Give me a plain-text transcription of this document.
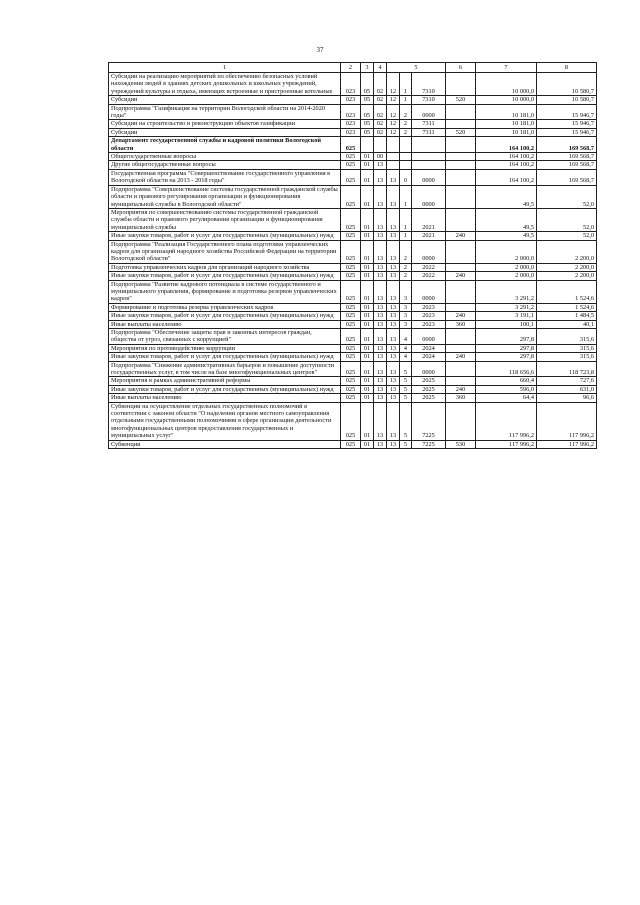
37
1	2	3	4	5			6	7	8
Субсидии на реализацию мероприятий по обеспечению безопасных условий нахождения людей в зданиях детских дошкольных и школьных учреждений, учреждений культуры и отдыха, имеющих встроенные и пристроенные котельные	023	05	02	12	1	7310		10 000,0	10 580,7
Субсидии	023	05	02	12	1	7310	520	10 000,0	10 580,7
Подпрограмма "Газификация на территории Вологодской области на 2014-2020 годы"	023	05	02	12	2	0000		10 181,0	15 946,7
Субсидии на строительство и реконструкцию объектов газификации	023	05	02	12	2	7311		10 181,0	15 946,7
Субсидии	023	05	02	12	2	7311	520	10 181,0	15 946,7
Департамент государственной службы и кадровой политики Вологодской области	025							164 100,2	169 568,7
Общегосударственные вопросы	025	01	00					164 100,2	169 568,7
Другие общегосударственные вопросы	025	01	13					164 100,2	169 568,7
Государственная программа "Совершенствование государственного управления в Вологодской области на 2013 - 2018 годы"	025	01	13	13	0	0000		164 100,2	169 568,7
Подпрограмма "Совершенствование системы государственной гражданской службы области и правового регулирования организации и функционирования муниципальной службы в Вологодской области"	025	01	13	13	1	0000		49,5	52,0
Мероприятия по совершенствованию системы государственной гражданской службы области и правового регулирования организации и функционирования муниципальной службы	025	01	13	13	1	2021		49,5	52,0
Иные закупки товаров, работ и услуг для государственных (муниципальных) нужд	025	01	13	13	1	2021	240	49,5	52,0
Подпрограмма "Реализация Государственного плана подготовки управленческих кадров для организаций народного хозяйства Российской Федерации на территории Вологодской области"	025	01	13	13	2	0000		2 000,0	2 200,0
Подготовка управленческих кадров для организаций народного хозяйства	025	01	13	13	2	2022		2 000,0	2 200,0
Иные закупки товаров, работ и услуг для государственных (муниципальных) нужд	025	01	13	13	2	2022	240	2 000,0	2 200,0
Подпрограмма "Развитие кадрового потенциала в системе государственного и муниципального управления, формирование и подготовка резервов управленческих кадров"	025	01	13	13	3	0000		3 291,2	1 524,6
Формирование и подготовка резерва управленческих кадров	025	01	13	13	3	2023		3 291,2	1 524,6
Иные закупки товаров, работ и услуг для государственных (муниципальных) нужд	025	01	13	13	3	2023	240	3 191,1	1 484,5
Иные выплаты населению	025	01	13	13	3	2023	360	100,1	40,1
Подпрограмма "Обеспечение защиты прав и законных интересов граждан, общества от угроз, связанных с коррупцией"	025	01	13	13	4	0000		297,8	315,6
Мероприятия по противодействию коррупции	025	01	13	13	4	2024		297,8	315,6
Иные закупки товаров, работ и услуг для государственных (муниципальных) нужд	025	01	13	13	4	2024	240	297,8	315,6
Подпрограмма "Снижение административных барьеров и повышение доступности государственных услуг, в том числе на базе многофункциональных центров"	025	01	13	13	5	0000		118 656,6	118 723,8
Мероприятия в рамках административной реформы	025	01	13	13	5	2025		660,4	727,6
Иные закупки товаров, работ и услуг для государственных (муниципальных) нужд	025	01	13	13	5	2025	240	596,0	631,0
Иные выплаты населению	025	01	13	13	5	2025	360	64,4	96,6
Субвенции на осуществление отдельных государственных полномочий в соответствии с законом области "О наделении органов местного самоуправления отдельными государственными полномочиями в сфере организации деятельности многофункциональных центров предоставления государственных и муниципальных услуг"	025	01	13	13	5	7225		117 996,2	117 996,2
Субвенции	025	01	13	13	5	7225	530	117 996,2	117 996,2
